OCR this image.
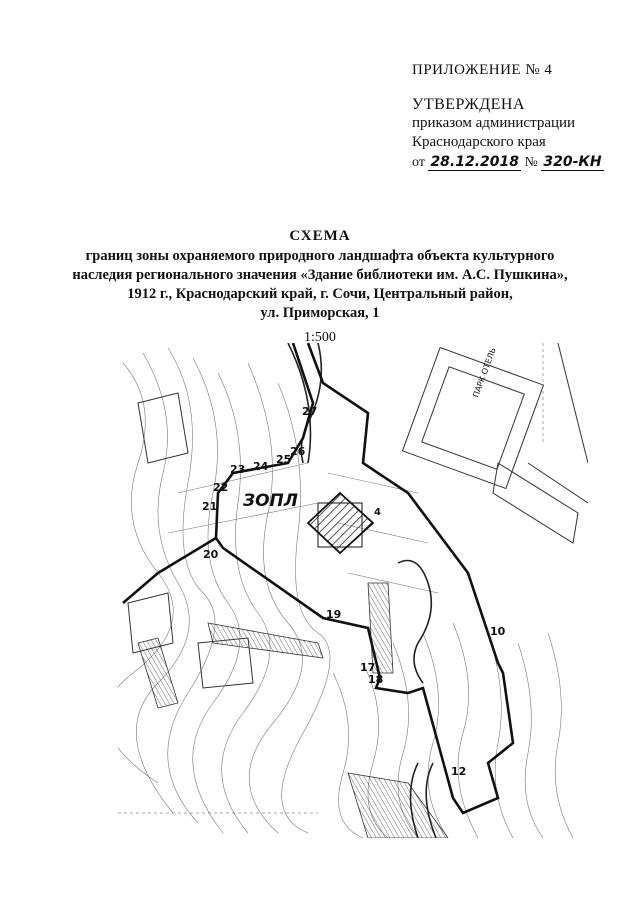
ПРИЛОЖЕНИЕ № 4
УТВЕРЖДЕНА
приказом администрации
Краснодарского края
от 28.12.2018 № 320-КН
СХЕМА
границ зоны охраняемого природного ландшафта объекта культурного
наследия регионального значения «Здание библиотеки им. А.С. Пушкина»,
1912 г., Краснодарский край, г. Сочи, Центральный район,
ул. Приморская, 1
1:500
ЗОПЛ
ПАРК ОТЕЛЬ
17
18
19
20
21
22
23 24
25
26
27
10
12
4
